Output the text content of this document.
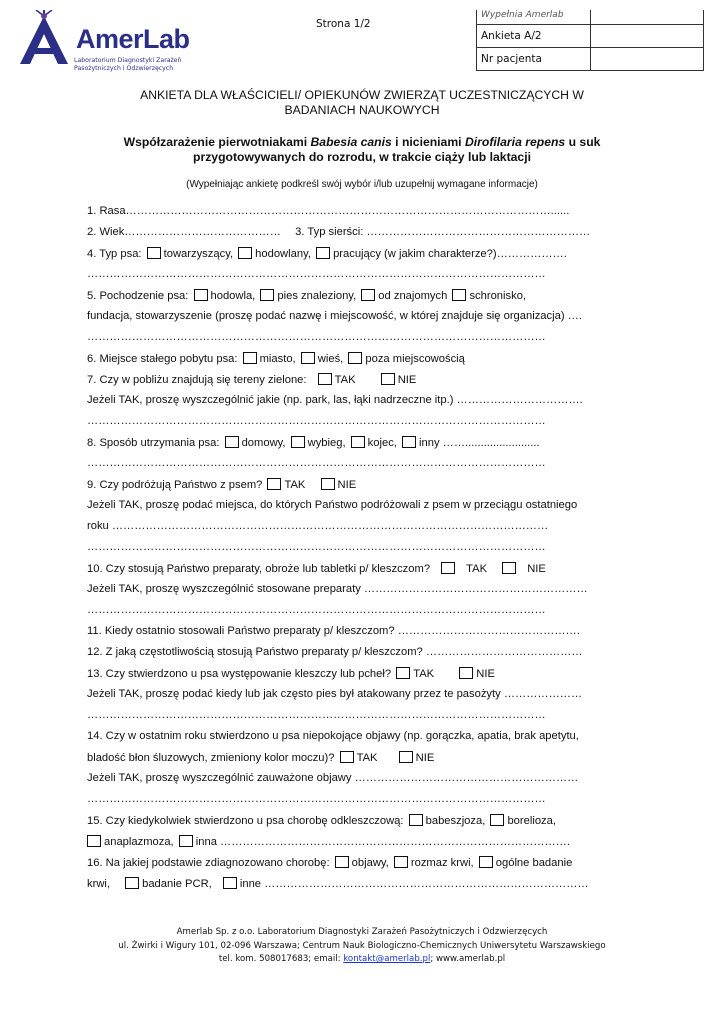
AmerLab
Laboratorium Diagnostyki Zarażeń
Pasożytniczych i Odzwierzęcych
Strona 1/2
Wypełnia Amerlab	
Ankieta A/2	
Nr pacjenta	
ANKIETA DLA WŁAŚCICIELI/ OPIEKUNÓW ZWIERZĄT UCZESTNICZĄCYCH W
BADANIACH NAUKOWYCH
Współzarażenie pierwotniakami Babesia canis i nicieniami Dirofilaria repens u suk
przygotowywanych do rozrodu, w trakcie ciąży lub laktacji
(Wypełniając ankietę podkreśl swój wybór i/lub uzupełnij wymagane informacje)
1. Rasa……………………………………………………………………………………………………......
2. Wiek…………………………………… 3. Typ sierści: ……………………………………………………
4. Typ psa: towarzyszący, hodowlany, pracujący (w jakim charakterze?)……………….
……………………………………………………………………………………………………………
5. Pochodzenie psa: hodowla, pies znaleziony, od znajomych schronisko,
fundacja, stowarzyszenie (proszę podać nazwę i miejscowość, w której znajduje się organizacja) ….
……………………………………………………………………………………………………………
6. Miejsce stałego pobytu psa: miasto, wieś, poza miejscowością
7. Czy w pobliżu znajdują się tereny zielone:	TAK	NIE
Jeżeli TAK, proszę wyszczególnić jakie (np. park, las, łąki nadrzeczne itp.) …………………………….
……………………………………………………………………………………………………………
8. Sposób utrzymania psa: domowy, wybieg, kojec, inny ……........................
……………………………………………………………………………………………………………
9. Czy podróżują Państwo z psem? TAK	NIE
Jeżeli TAK, proszę podać miejsca, do których Państwo podróżowali z psem w przeciągu ostatniego
roku ………………………………………………………………………………………………………
……………………………………………………………………………………………………………
10. Czy stosują Państwo preparaty, obroże lub tabletki p/ kleszczom?	TAK	NIE
Jeżeli TAK, proszę wyszczególnić stosowane preparaty ……………………………………………………
……………………………………………………………………………………………………………
11. Kiedy ostatnio stosowali Państwo preparaty p/ kleszczom? ………………………………………….
12. Z jaką częstotliwością stosują Państwo preparaty p/ kleszczom? ……………………………………
13. Czy stwierdzono u psa występowanie kleszczy lub pcheł? TAK	NIE
Jeżeli TAK, proszę podać kiedy lub jak często pies był atakowany przez te pasożyty …………………
……………………………………………………………………………………………………………
14. Czy w ostatnim roku stwierdzono u psa niepokojące objawy (np. gorączka, apatia, brak apetytu,
bladość błon śluzowych, zmieniony kolor moczu)? TAK	NIE
Jeżeli TAK, proszę wyszczególnić zauważone objawy ……………………………………………………
……………………………………………………………………………………………………………
15. Czy kiedykolwiek stwierdzono u psa chorobę odkleszczową: babeszjoza, borelioza,
anaplazmoza, inna ………………………………………………………………………………….
16. Na jakiej podstawie zdiagnozowano chorobę: objawy, rozmaz krwi, ogólne badanie
krwi,	badanie PCR,	inne ……………………………………………………………………………
Amerlab Sp. z o.o. Laboratorium Diagnostyki Zarażeń Pasożytniczych i Odzwierzęcych
ul. Żwirki i Wigury 101, 02-096 Warszawa; Centrum Nauk Biologiczno-Chemicznych Uniwersytetu Warszawskiego
tel. kom. 508017683; email: kontakt@amerlab.pl; www.amerlab.pl
